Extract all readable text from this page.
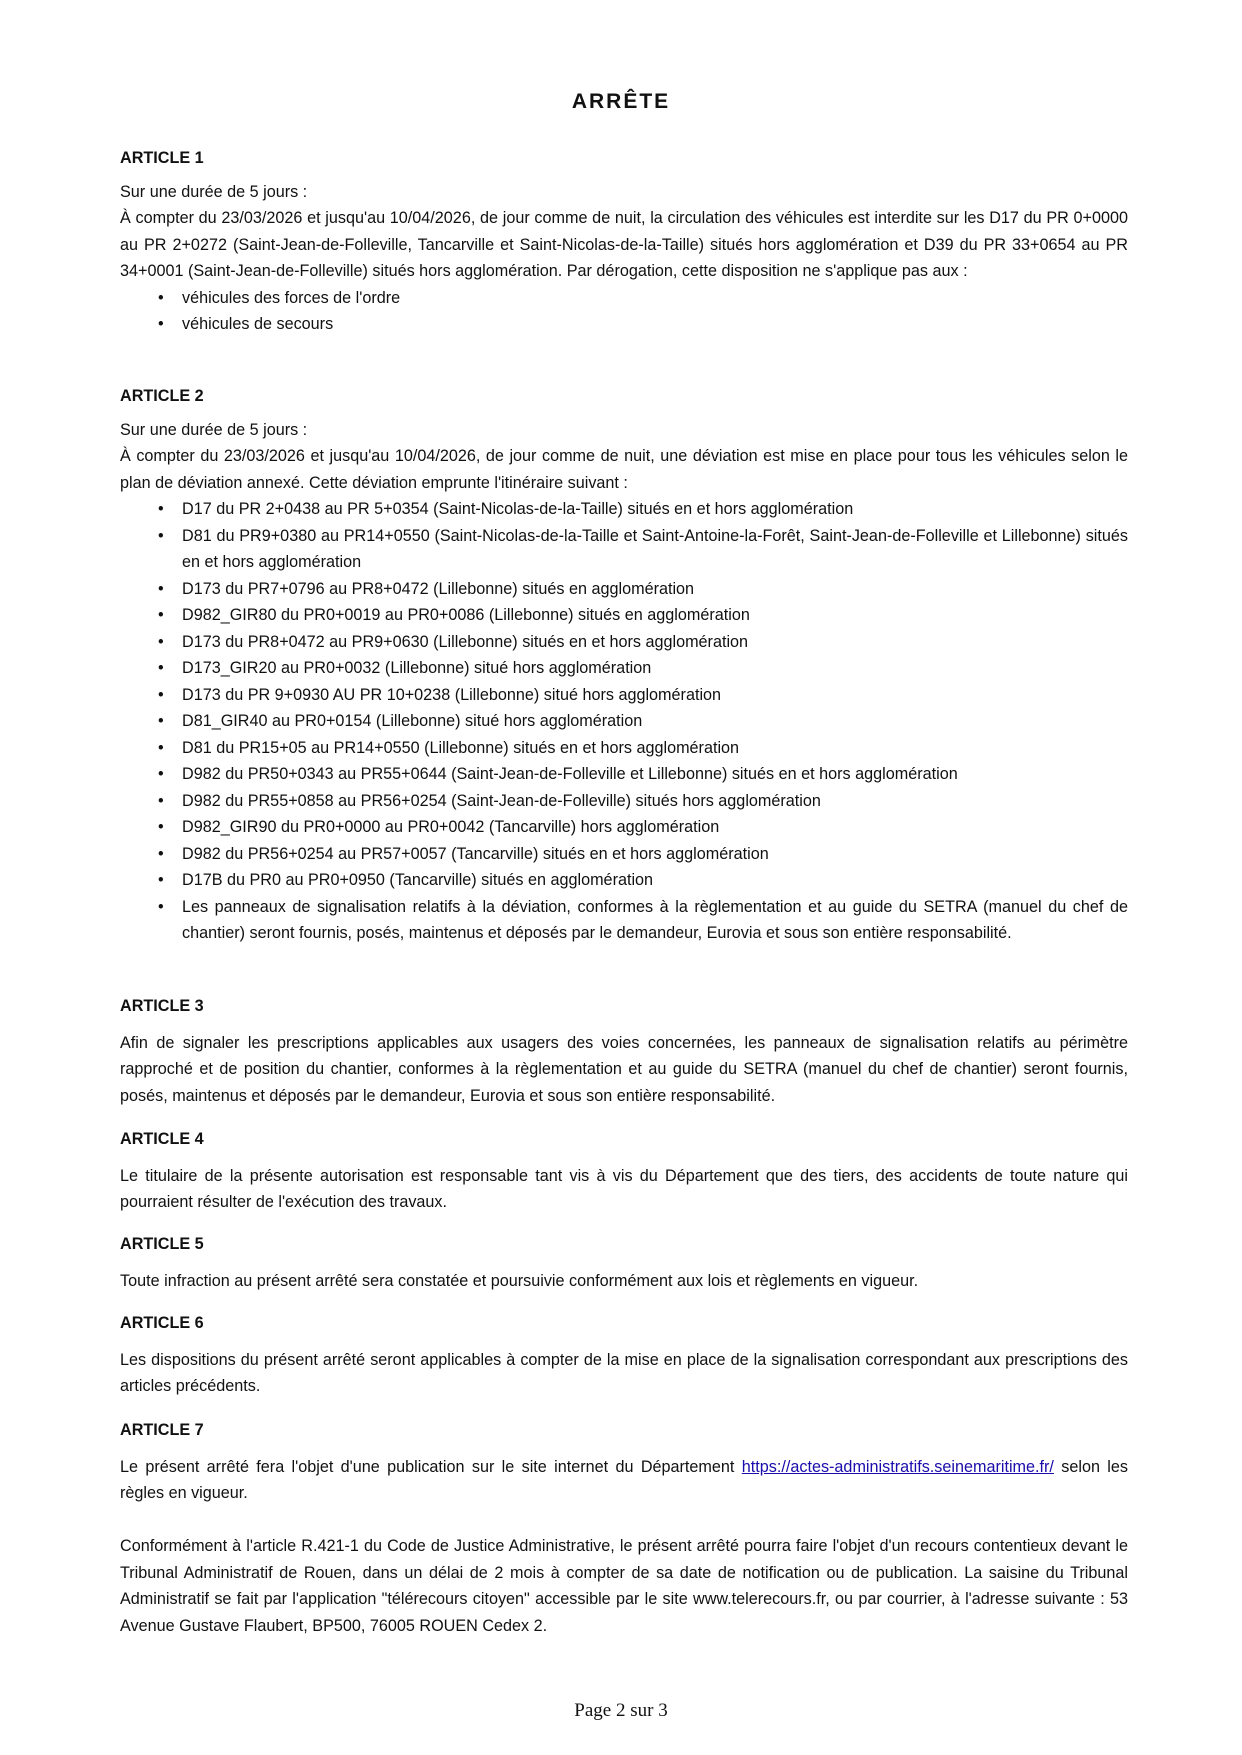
ARRÊTE
ARTICLE 1
Sur une durée de 5 jours :
À compter du 23/03/2026 et jusqu'au 10/04/2026, de jour comme de nuit, la circulation des véhicules est interdite sur les D17 du PR 0+0000 au PR 2+0272 (Saint-Jean-de-Folleville, Tancarville et Saint-Nicolas-de-la-Taille) situés hors agglomération et D39 du PR 33+0654 au PR 34+0001 (Saint-Jean-de-Folleville) situés hors agglomération. Par dérogation, cette disposition ne s'applique pas aux :
• véhicules des forces de l'ordre
• véhicules de secours
ARTICLE 2
Sur une durée de 5 jours :
À compter du 23/03/2026 et jusqu'au 10/04/2026, de jour comme de nuit, une déviation est mise en place pour tous les véhicules selon le plan de déviation annexé. Cette déviation emprunte l'itinéraire suivant :
• D17 du PR 2+0438 au PR 5+0354 (Saint-Nicolas-de-la-Taille) situés en et hors agglomération
• D81 du PR9+0380 au PR14+0550 (Saint-Nicolas-de-la-Taille et Saint-Antoine-la-Forêt, Saint-Jean-de-Folleville et Lillebonne) situés en et hors agglomération
• D173 du PR7+0796 au PR8+0472 (Lillebonne) situés en agglomération
• D982_GIR80 du PR0+0019 au PR0+0086 (Lillebonne) situés en agglomération
• D173 du PR8+0472 au PR9+0630 (Lillebonne) situés en et hors agglomération
• D173_GIR20 au PR0+0032 (Lillebonne) situé hors agglomération
• D173 du PR 9+0930 AU PR 10+0238 (Lillebonne) situé hors agglomération
• D81_GIR40 au PR0+0154 (Lillebonne) situé hors agglomération
• D81 du PR15+05 au PR14+0550 (Lillebonne) situés en et hors agglomération
• D982 du PR50+0343 au PR55+0644 (Saint-Jean-de-Folleville et Lillebonne) situés en et hors agglomération
• D982 du PR55+0858 au PR56+0254 (Saint-Jean-de-Folleville) situés hors agglomération
• D982_GIR90 du PR0+0000 au PR0+0042 (Tancarville) hors agglomération
• D982 du PR56+0254 au PR57+0057 (Tancarville) situés en et hors agglomération
• D17B du PR0 au PR0+0950 (Tancarville) situés en agglomération
• Les panneaux de signalisation relatifs à la déviation, conformes à la règlementation et au guide du SETRA (manuel du chef de chantier) seront fournis, posés, maintenus et déposés par le demandeur, Eurovia et sous son entière responsabilité.
ARTICLE 3
Afin de signaler les prescriptions applicables aux usagers des voies concernées, les panneaux de signalisation relatifs au périmètre rapproché et de position du chantier, conformes à la règlementation et au guide du SETRA (manuel du chef de chantier) seront fournis, posés, maintenus et déposés par le demandeur, Eurovia et sous son entière responsabilité.
ARTICLE 4
Le titulaire de la présente autorisation est responsable tant vis à vis du Département que des tiers, des accidents de toute nature qui pourraient résulter de l'exécution des travaux.
ARTICLE 5
Toute infraction au présent arrêté sera constatée et poursuivie conformément aux lois et règlements en vigueur.
ARTICLE 6
Les dispositions du présent arrêté seront applicables à compter de la mise en place de la signalisation correspondant aux prescriptions des articles précédents.
ARTICLE 7
Le présent arrêté fera l'objet d'une publication sur le site internet du Département https://actes-administratifs.seinemaritime.fr/ selon les règles en vigueur.
Conformément à l'article R.421-1 du Code de Justice Administrative, le présent arrêté pourra faire l'objet d'un recours contentieux devant le Tribunal Administratif de Rouen, dans un délai de 2 mois à compter de sa date de notification ou de publication. La saisine du Tribunal Administratif se fait par l'application "télérecours citoyen" accessible par le site www.telerecours.fr, ou par courrier, à l'adresse suivante : 53 Avenue Gustave Flaubert, BP500, 76005 ROUEN Cedex 2.
Page 2 sur 3
